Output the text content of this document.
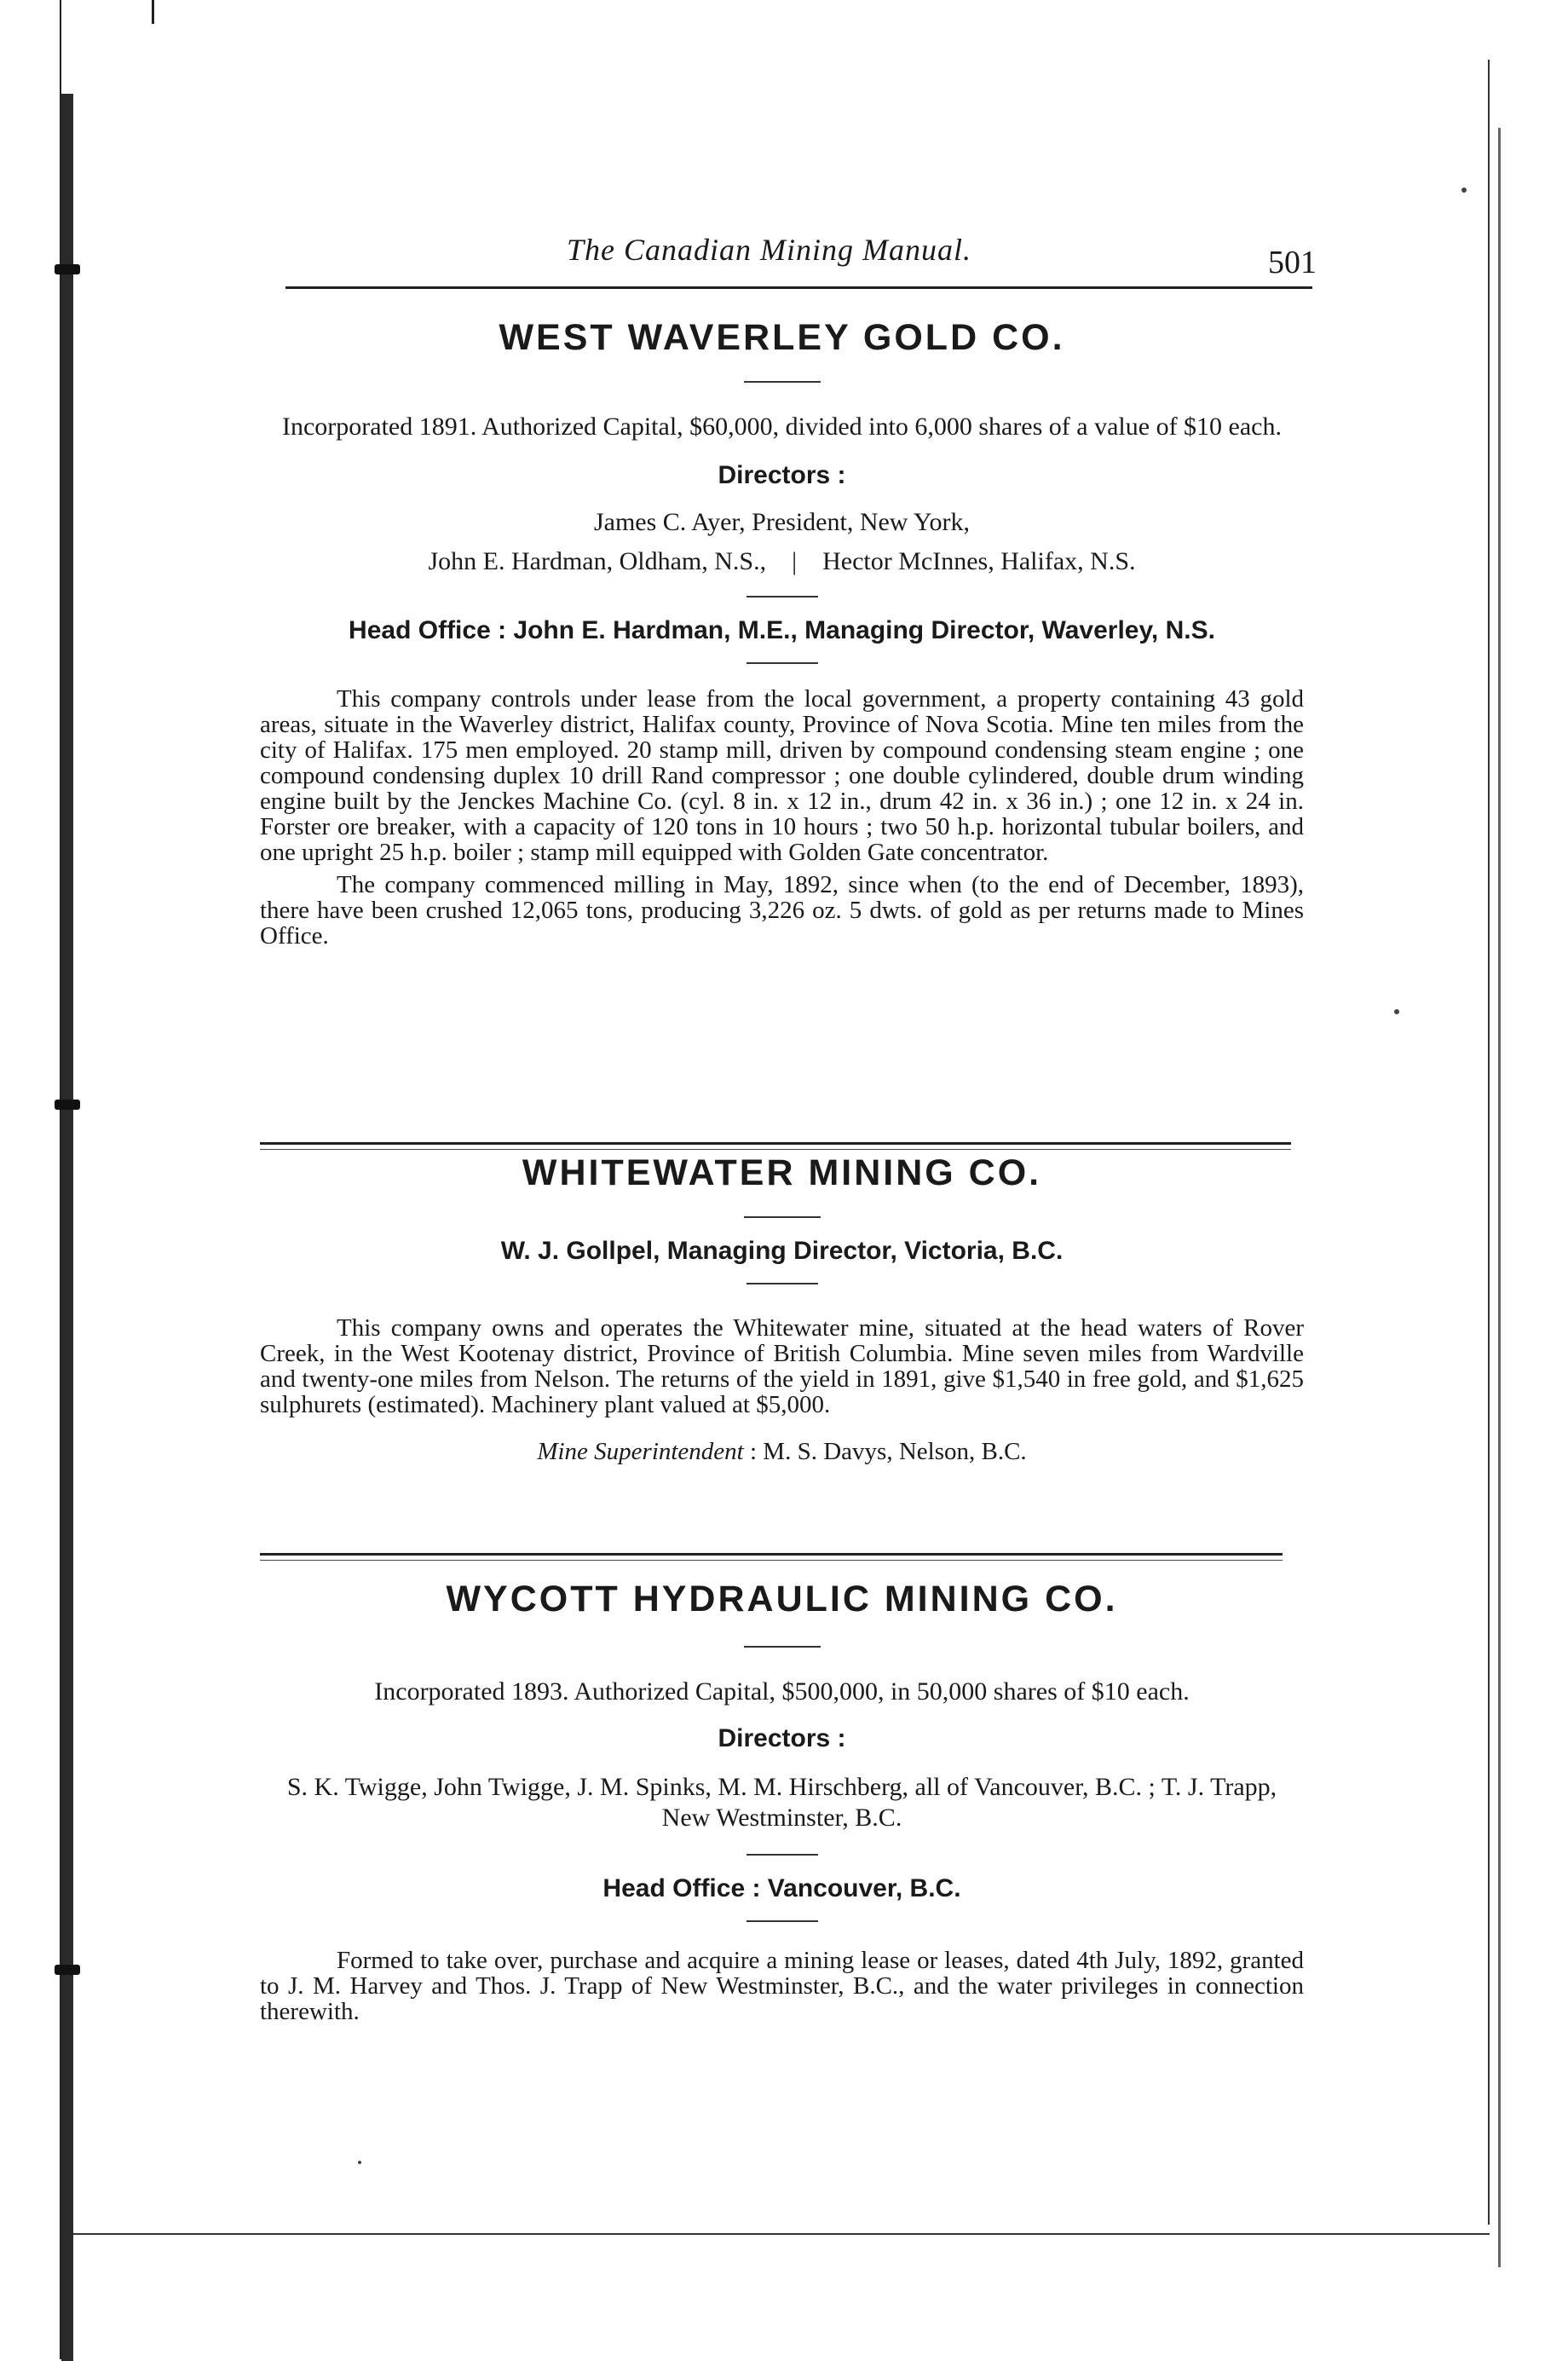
The Canadian Mining Manual.	501
WEST WAVERLEY GOLD CO.

Incorporated 1891. Authorized Capital, $60,000, divided into 6,000 shares of a value of $10 each.

Directors :

James C. Ayer, President, New York,

John E. Hardman, Oldham, N.S., | Hector McInnes, Halifax, N.S.

Head Office : John E. Hardman, M.E., Managing Director, Waverley, N.S.

This company controls under lease from the local government, a property containing 43 gold areas, situate in the Waverley district, Halifax county, Province of Nova Scotia. Mine ten miles from the city of Halifax. 175 men employed. 20 stamp mill, driven by compound condensing steam engine ; one compound condensing duplex 10 drill Rand compressor ; one double cylindered, double drum winding engine built by the Jenckes Machine Co. (cyl. 8 in. x 12 in., drum 42 in. x 36 in.) ; one 12 in. x 24 in. Forster ore breaker, with a capacity of 120 tons in 10 hours ; two 50 h.p. horizontal tubular boilers, and one upright 25 h.p. boiler ; stamp mill equipped with Golden Gate concentrator.

The company commenced milling in May, 1892, since when (to the end of December, 1893), there have been crushed 12,065 tons, producing 3,226 oz. 5 dwts. of gold as per returns made to Mines Office.

WHITEWATER MINING CO.
W. J. Gollpel, Managing Director, Victoria, B.C.

This company owns and operates the Whitewater mine, situated at the head waters of Rover Creek, in the West Kootenay district, Province of British Columbia. Mine seven miles from Wardville and twenty-one miles from Nelson. The returns of the yield in 1891, give $1,540 in free gold, and $1,625 sulphurets (estimated). Machinery plant valued at $5,000.

Mine Superintendent : M. S. Davys, Nelson, B.C.

WYCOTT HYDRAULIC MINING CO.

Incorporated 1893. Authorized Capital, $500,000, in 50,000 shares of $10 each.

Directors :

S. K. Twigge, John Twigge, J. M. Spinks, M. M. Hirschberg, all of Vancouver, B.C. ; T. J. Trapp, New Westminster, B.C.

Head Office : Vancouver, B.C.

Formed to take over, purchase and acquire a mining lease or leases, dated 4th July, 1892, granted to J. M. Harvey and Thos. J. Trapp of New Westminster, B.C., and the water privileges in connection therewith.
